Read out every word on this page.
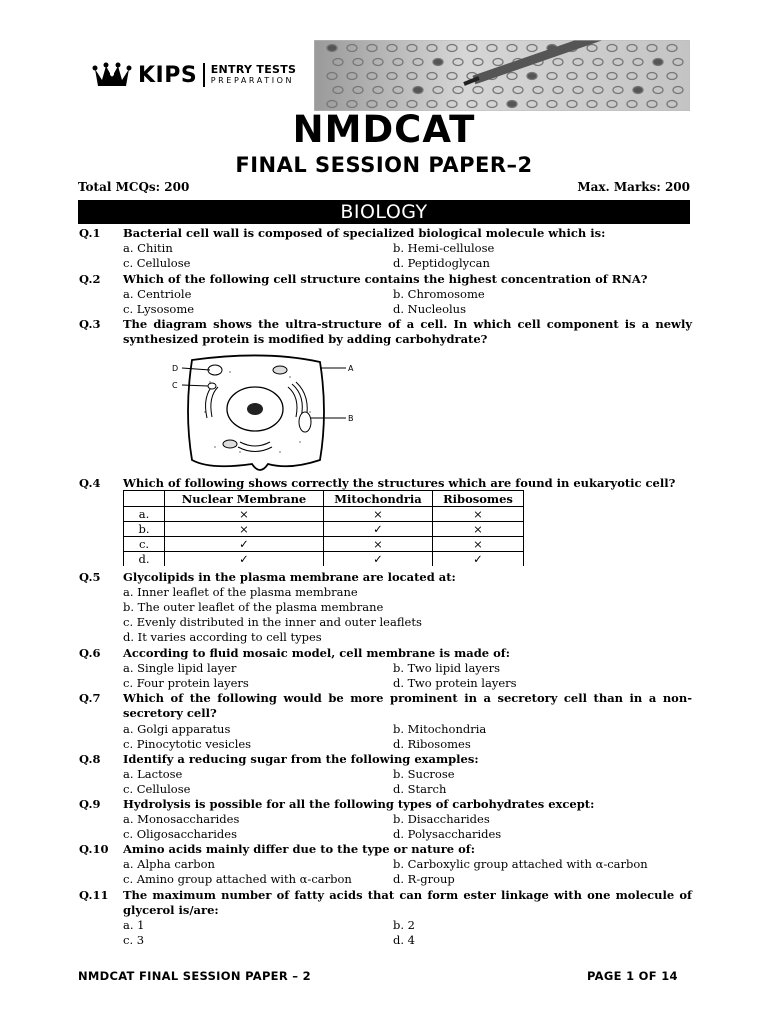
KIPS ENTRY TESTS
PREPARATION
NMDCAT
FINAL SESSION PAPER–2
Total MCQs: 200	Max. Marks: 200
BIOLOGY
Q.1 Bacterial cell wall is composed of specialized biological molecule which is:
a. Chitin	b. Hemi-cellulose
c. Cellulose	d. Peptidoglycan
Q.2 Which of the following cell structure contains the highest concentration of RNA?
a. Centriole	b. Chromosome
c. Lysosome	d. Nucleolus
Q.3 The diagram shows the ultra-structure of a cell. In which cell component is a newly synthesized protein is modified by adding carbohydrate?
D
C
A
B
Q.4 Which of following shows correctly the structures which are found in eukaryotic cell?
	Nuclear Membrane	Mitochondria	Ribosomes
a.	×	×	×
b.	×	✓	×
c.	✓	×	×
d.	✓	✓	✓
Q.5 Glycolipids in the plasma membrane are located at:
a. Inner leaflet of the plasma membrane
b. The outer leaflet of the plasma membrane
c. Evenly distributed in the inner and outer leaflets
d. It varies according to cell types
Q.6 According to fluid mosaic model, cell membrane is made of:
a. Single lipid layer	b. Two lipid layers
c. Four protein layers	d. Two protein layers
Q.7 Which of the following would be more prominent in a secretory cell than in a non-secretory cell?
a. Golgi apparatus	b. Mitochondria
c. Pinocytotic vesicles	d. Ribosomes
Q.8 Identify a reducing sugar from the following examples:
a. Lactose	b. Sucrose
c. Cellulose	d. Starch
Q.9 Hydrolysis is possible for all the following types of carbohydrates except:
a. Monosaccharides	b. Disaccharides
c. Oligosaccharides	d. Polysaccharides
Q.10 Amino acids mainly differ due to the type or nature of:
a. Alpha carbon	b. Carboxylic group attached with α-carbon
c. Amino group attached with α-carbon	d. R-group
Q.11 The maximum number of fatty acids that can form ester linkage with one molecule of glycerol is/are:
a. 1	b. 2
c. 3	d. 4
NMDCAT FINAL SESSION PAPER – 2	PAGE 1 OF 14
